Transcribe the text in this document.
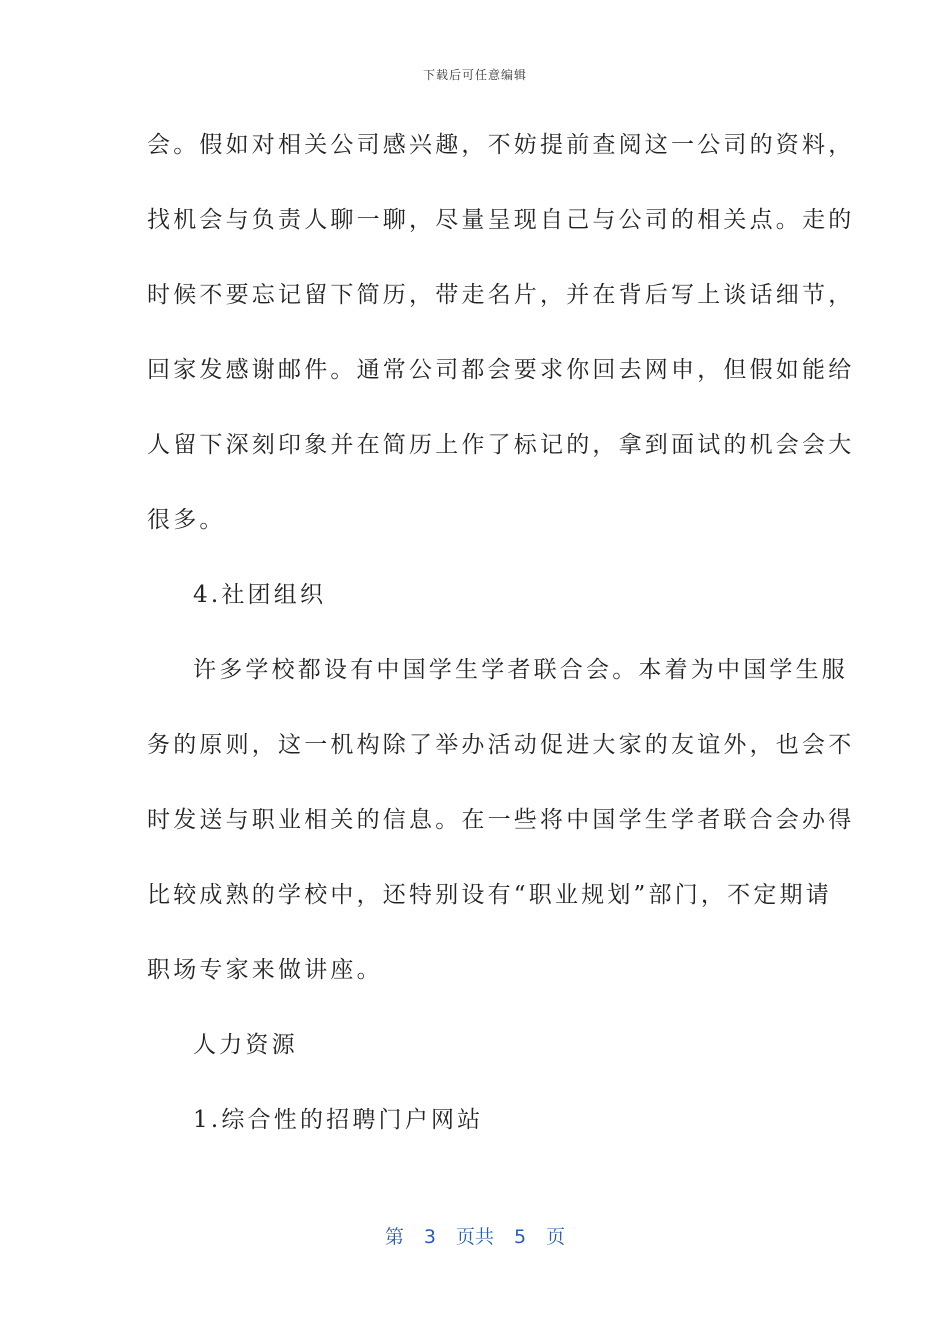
下载后可任意编辑
会。假如对相关公司感兴趣，不妨提前查阅这一公司的资料，
找机会与负责人聊一聊，尽量呈现自己与公司的相关点。走的
时候不要忘记留下简历，带走名片，并在背后写上谈话细节，
回家发感谢邮件。通常公司都会要求你回去网申，但假如能给
人留下深刻印象并在简历上作了标记的，拿到面试的机会会大
很多。
4.社团组织
许多学校都设有中国学生学者联合会。本着为中国学生服
务的原则，这一机构除了举办活动促进大家的友谊外，也会不
时发送与职业相关的信息。在一些将中国学生学者联合会办得
比较成熟的学校中，还特别设有“职业规划”部门，不定期请
职场专家来做讲座。
人力资源
1.综合性的招聘门户网站
第 3 页共 5 页
